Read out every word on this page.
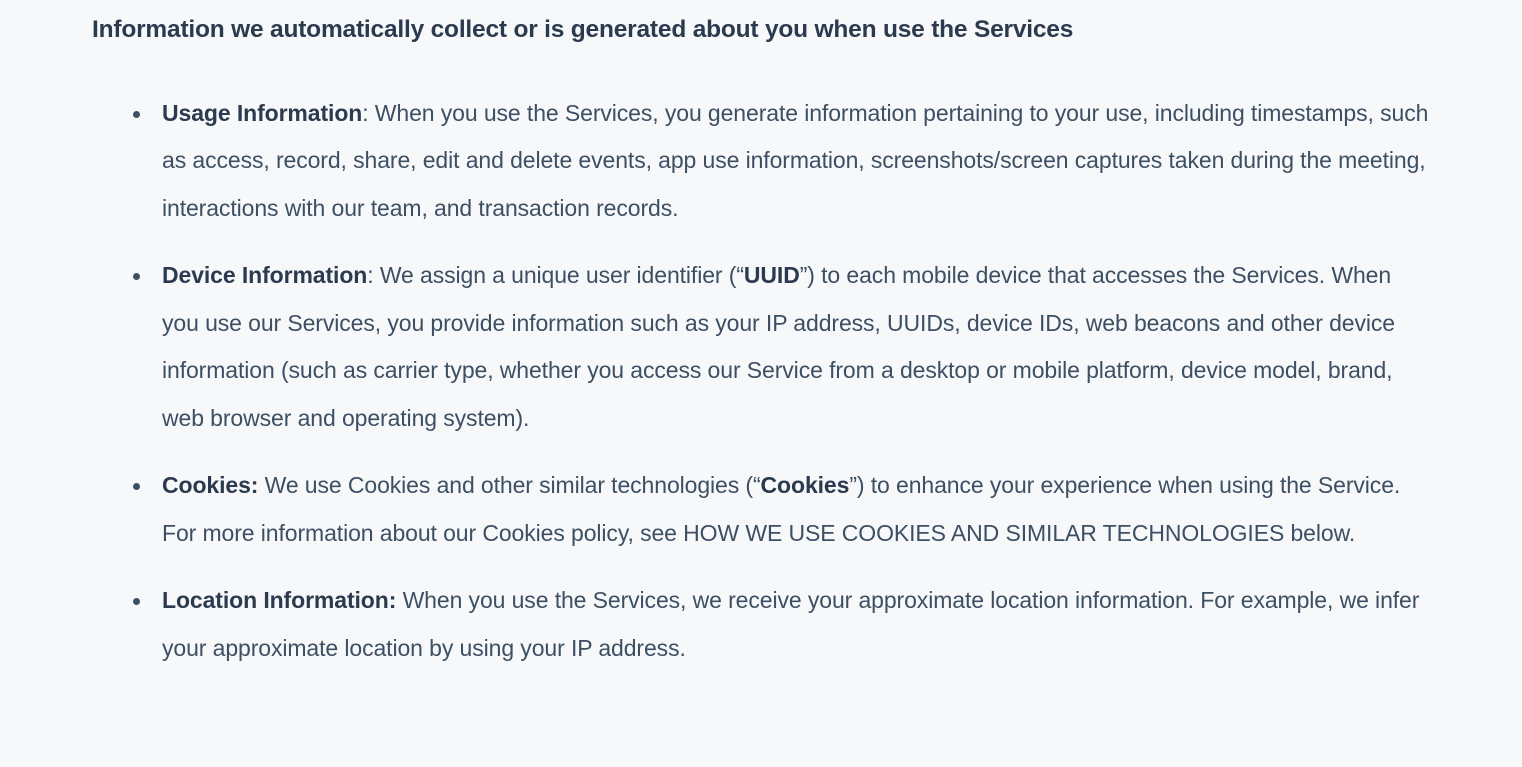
Information we automatically collect or is generated about you when use the Services
Usage Information: When you use the Services, you generate information pertaining to your use, including timestamps, such as access, record, share, edit and delete events, app use information, screenshots/screen captures taken during the meeting, interactions with our team, and transaction records.
Device Information: We assign a unique user identifier (“UUID”) to each mobile device that accesses the Services. When you use our Services, you provide information such as your IP address, UUIDs, device IDs, web beacons and other device information (such as carrier type, whether you access our Service from a desktop or mobile platform, device model, brand, web browser and operating system).
Cookies: We use Cookies and other similar technologies (“Cookies”) to enhance your experience when using the Service. For more information about our Cookies policy, see HOW WE USE COOKIES AND SIMILAR TECHNOLOGIES below.
Location Information: When you use the Services, we receive your approximate location information. For example, we infer your approximate location by using your IP address.
